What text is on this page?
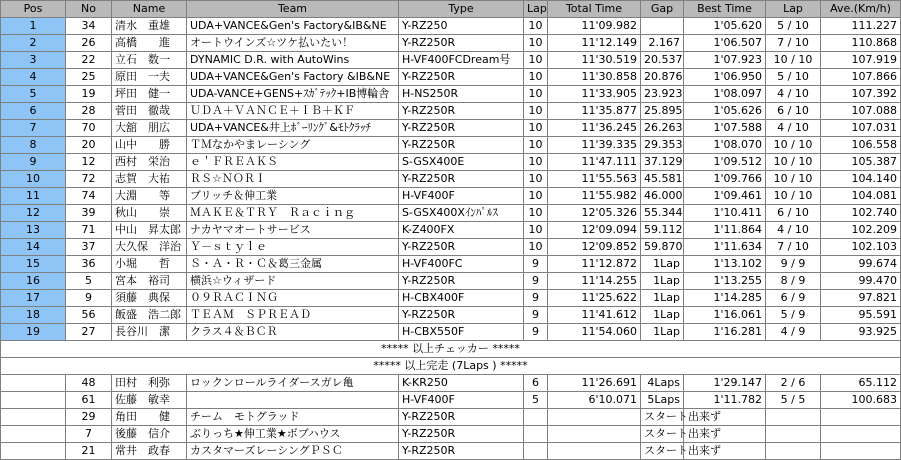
Pos	No	Name	Team	Type	Lap	Total Time	Gap	Best Time	Lap	Ave.(Km/h)
1	34	清水　重雄	UDA+VANCE&Gen's Factory&IB&NE	Y-RZ250	10	11'09.982		1'05.620	5 / 10	111.227
2	26	高橋　　進	オートウインズ☆ツケ払いたい！	Y-RZ250R	10	11'12.149	2.167	1'06.507	7 / 10	110.868
3	22	立石　数一	DYNAMIC D.R. with AutoWins	H-VF400FCDream号	10	11'30.519	20.537	1'07.923	10 / 10	107.919
4	25	原田　一夫	UDA+VANCE&Gen's Factory &IB&NE	Y-RZ250R	10	11'30.858	20.876	1'06.950	5 / 10	107.866
5	19	坪田　健一	UDA-VANCE+GENS+ｽｶﾞﾃｯｸ+IB博輪舎	H-NS250R	10	11'33.905	23.923	1'08.097	4 / 10	107.392
6	28	菅田　徹哉	ＵＤＡ＋ＶＡＮＣＥ＋ＩＢ＋ＫＦ	Y-RZ250R	10	11'35.877	25.895	1'05.626	6 / 10	107.088
7	70	大舘　朋広	UDA+VANCE&井上ﾎﾞｰﾘﾝｸﾞ&ﾓﾄｸﾗｯﾁ	Y-RZ250R	10	11'36.245	26.263	1'07.588	4 / 10	107.031
8	20	山中　　勝	ＴＭなかやまレーシング	Y-RZ250R	10	11'39.335	29.353	1'08.070	10 / 10	106.558
9	12	西村　栄治	ｅ＇ＦＲＥＡＫＳ	S-GSX400E	10	11'47.111	37.129	1'09.512	10 / 10	105.387
10	72	志賀　大祐	ＲＳ☆ＮＯＲＩ	Y-RZ250R	10	11'55.563	45.581	1'09.766	10 / 10	104.140
11	74	大淵　　等	ブリッチ＆伸工業	H-VF400F	10	11'55.982	46.000	1'09.461	10 / 10	104.081
12	39	秋山　　崇	ＭＡＫＥ＆ＴＲＹ　Ｒａｃｉｎｇ	S-GSX400Xｲﾝﾊﾟﾙｽ	10	12'05.326	55.344	1'10.411	6 / 10	102.740
13	71	中山　昇太郎	ナカヤマオートサービス	K-Z400FX	10	12'09.094	59.112	1'11.864	4 / 10	102.209
14	37	大久保　洋治	Ｙ－ｓｔｙｌｅ	Y-RZ250R	10	12'09.852	59.870	1'11.634	7 / 10	102.103
15	36	小堀　　哲	Ｓ・Ａ・Ｒ・Ｃ＆葛三金属	H-VF400FC	9	11'12.872	1Lap	1'13.102	9 / 9	99.674
16	5	宮本　裕司	横浜☆ウィザード	Y-RZ250R	9	11'14.255	1Lap	1'13.255	8 / 9	99.470
17	9	須藤　典保	０９ＲＡＣＩＮＧ	H-CBX400F	9	11'25.622	1Lap	1'14.285	6 / 9	97.821
18	56	飯盛　浩二郎	ＴＥＡＭ　ＳＰＲＥＡＤ	Y-RZ250R	9	11'41.612	1Lap	1'16.061	5 / 9	95.591
19	27	長谷川　潔	クラス４＆ＢＣＲ	H-CBX550F	9	11'54.060	1Lap	1'16.281	4 / 9	93.925
***** 以上チェッカー *****										
***** 以上完走 (7Laps ) *****										
	48	田村　利弥	ロックンロールライダースガレ亀	K-KR250	6	11'26.691	4Laps	1'29.147	2 / 6	65.112
	61	佐藤　敏幸		H-VF400F	5	6'10.071	5Laps	1'11.782	5 / 5	100.683
	29	角田　　健	チーム　モトグラッド	Y-RZ250R			スタート出来ず			
	7	後藤　信介	ぶりっち★伸工業★ボブハウス	Y-RZ250R			スタート出来ず			
	21	常井　政春	カスタマーズレーシングＰＳＣ	Y-RZ250R			スタート出来ず			
